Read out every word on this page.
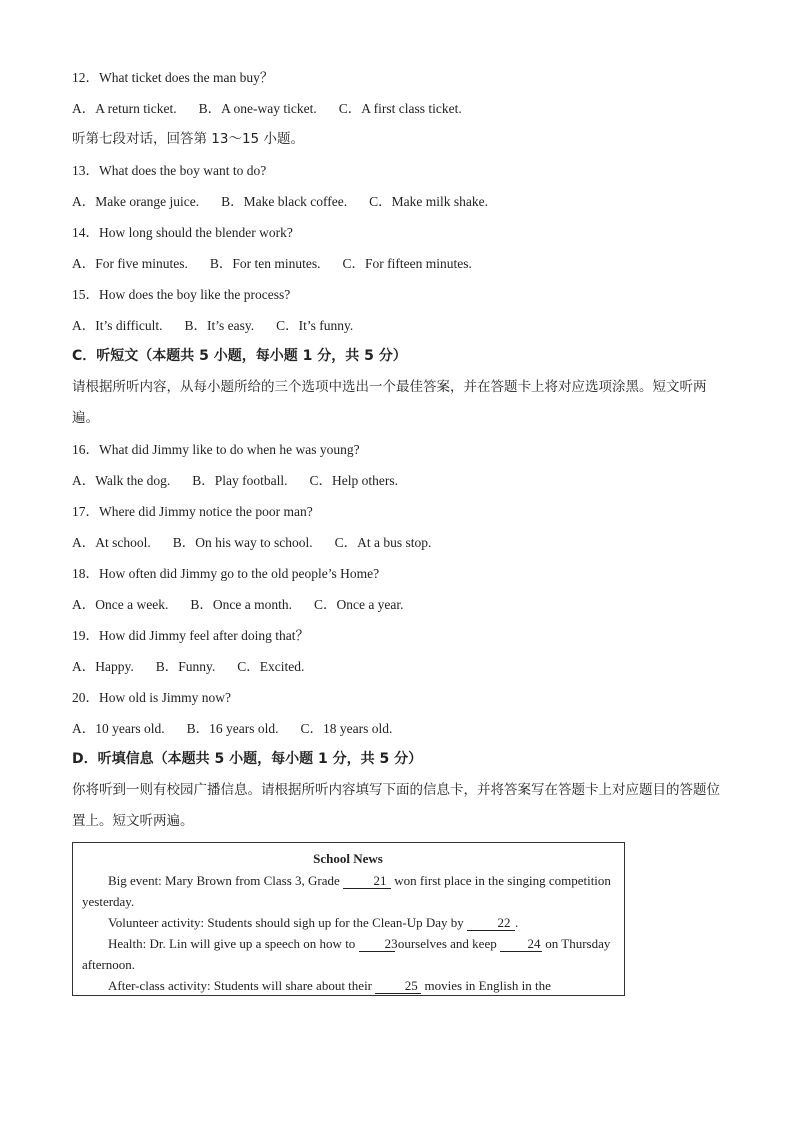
12．What ticket does the man buy？
A．A return ticket. B．A one-way ticket. C．A first class ticket.
听第七段对话，回答第 13～15 小题。
13．What does the boy want to do?
A．Make orange juice. B．Make black coffee. C．Make milk shake.
14．How long should the blender work?
A．For five minutes. B．For ten minutes. C．For fifteen minutes.
15．How does the boy like the process?
A．It’s difficult. B．It’s easy. C．It’s funny.
C．听短文（本题共 5 小题，每小题 1 分，共 5 分）
请根据所听内容，从每小题所给的三个选项中选出一个最佳答案，并在答题卡上将对应选项涂黑。短文听两遍。
16．What did Jimmy like to do when he was young?
A．Walk the dog. B．Play football. C．Help others.
17．Where did Jimmy notice the poor man?
A．At school. B．On his way to school. C．At a bus stop.
18．How often did Jimmy go to the old people’s Home?
A．Once a week. B．Once a month. C．Once a year.
19．How did Jimmy feel after doing that？
A．Happy. B．Funny. C．Excited.
20．How old is Jimmy now?
A．10 years old. B．16 years old. C．18 years old.
D．听填信息（本题共 5 小题，每小题 1 分，共 5 分）
你将听到一则有校园广播信息。请根据所听内容填写下面的信息卡，并将答案写在答题卡上对应题目的答题位置上。短文听两遍。
School News
Big event: Mary Brown from Class 3, Grade	21 won first place in the singing competition yesterday.
Volunteer activity: Students should sigh up for the Clean-Up Day by	22 .
Health: Dr. Lin will give up a speech on how to 23 ourselves and keep 24 on Thursday afternoon.
After-class activity: Students will share about their	25 movies in English in the
